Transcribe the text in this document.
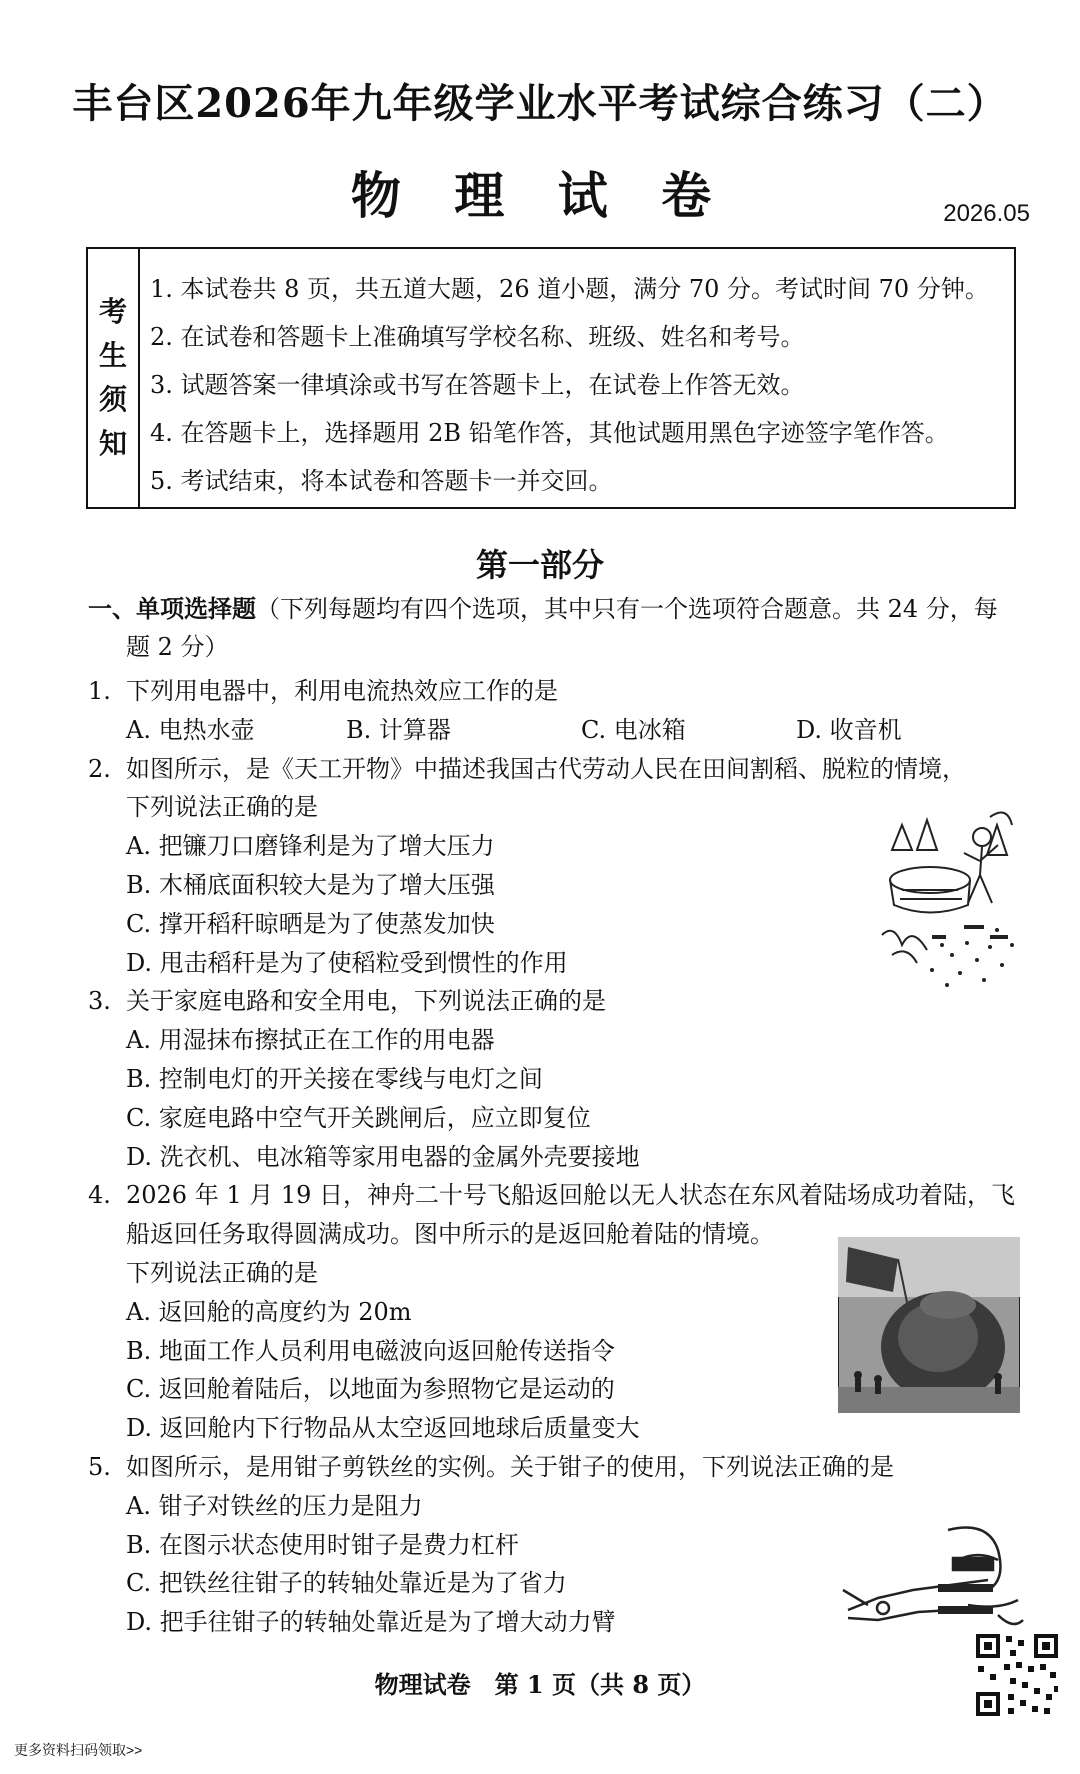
丰台区2026年九年级学业水平考试综合练习（二）
物 理 试 卷	2026.05
考
生
须
知
1. 本试卷共 8 页，共五道大题，26 道小题，满分 70 分。考试时间 70 分钟。
2. 在试卷和答题卡上准确填写学校名称、班级、姓名和考号。
3. 试题答案一律填涂或书写在答题卡上，在试卷上作答无效。
4. 在答题卡上，选择题用 2B 铅笔作答，其他试题用黑色字迹签字笔作答。
5. 考试结束，将本试卷和答题卡一并交回。
第一部分
一、单项选择题（下列每题均有四个选项，其中只有一个选项符合题意。共 24 分，每
题 2 分）
1. 下列用电器中，利用电流热效应工作的是
A. 电热水壶	B. 计算器	C. 电冰箱	D. 收音机
2. 如图所示，是《天工开物》中描述我国古代劳动人民在田间割稻、脱粒的情境，
下列说法正确的是
A. 把镰刀口磨锋利是为了增大压力
B. 木桶底面积较大是为了增大压强
C. 撑开稻秆晾晒是为了使蒸发加快
D. 甩击稻秆是为了使稻粒受到惯性的作用
3. 关于家庭电路和安全用电，下列说法正确的是
A. 用湿抹布擦拭正在工作的用电器
B. 控制电灯的开关接在零线与电灯之间
C. 家庭电路中空气开关跳闸后，应立即复位
D. 洗衣机、电冰箱等家用电器的金属外壳要接地
4. 2026 年 1 月 19 日，神舟二十号飞船返回舱以无人状态在东风着陆场成功着陆，飞
船返回任务取得圆满成功。图中所示的是返回舱着陆的情境。
下列说法正确的是
A. 返回舱的高度约为 20m
B. 地面工作人员利用电磁波向返回舱传送指令
C. 返回舱着陆后，以地面为参照物它是运动的
D. 返回舱内下行物品从太空返回地球后质量变大
5. 如图所示，是用钳子剪铁丝的实例。关于钳子的使用，下列说法正确的是
A. 钳子对铁丝的压力是阻力
B. 在图示状态使用时钳子是费力杠杆
C. 把铁丝往钳子的转轴处靠近是为了省力
D. 把手往钳子的转轴处靠近是为了增大动力臂
物理试卷　第 1 页（共 8 页）
更多资料扫码领取>>
